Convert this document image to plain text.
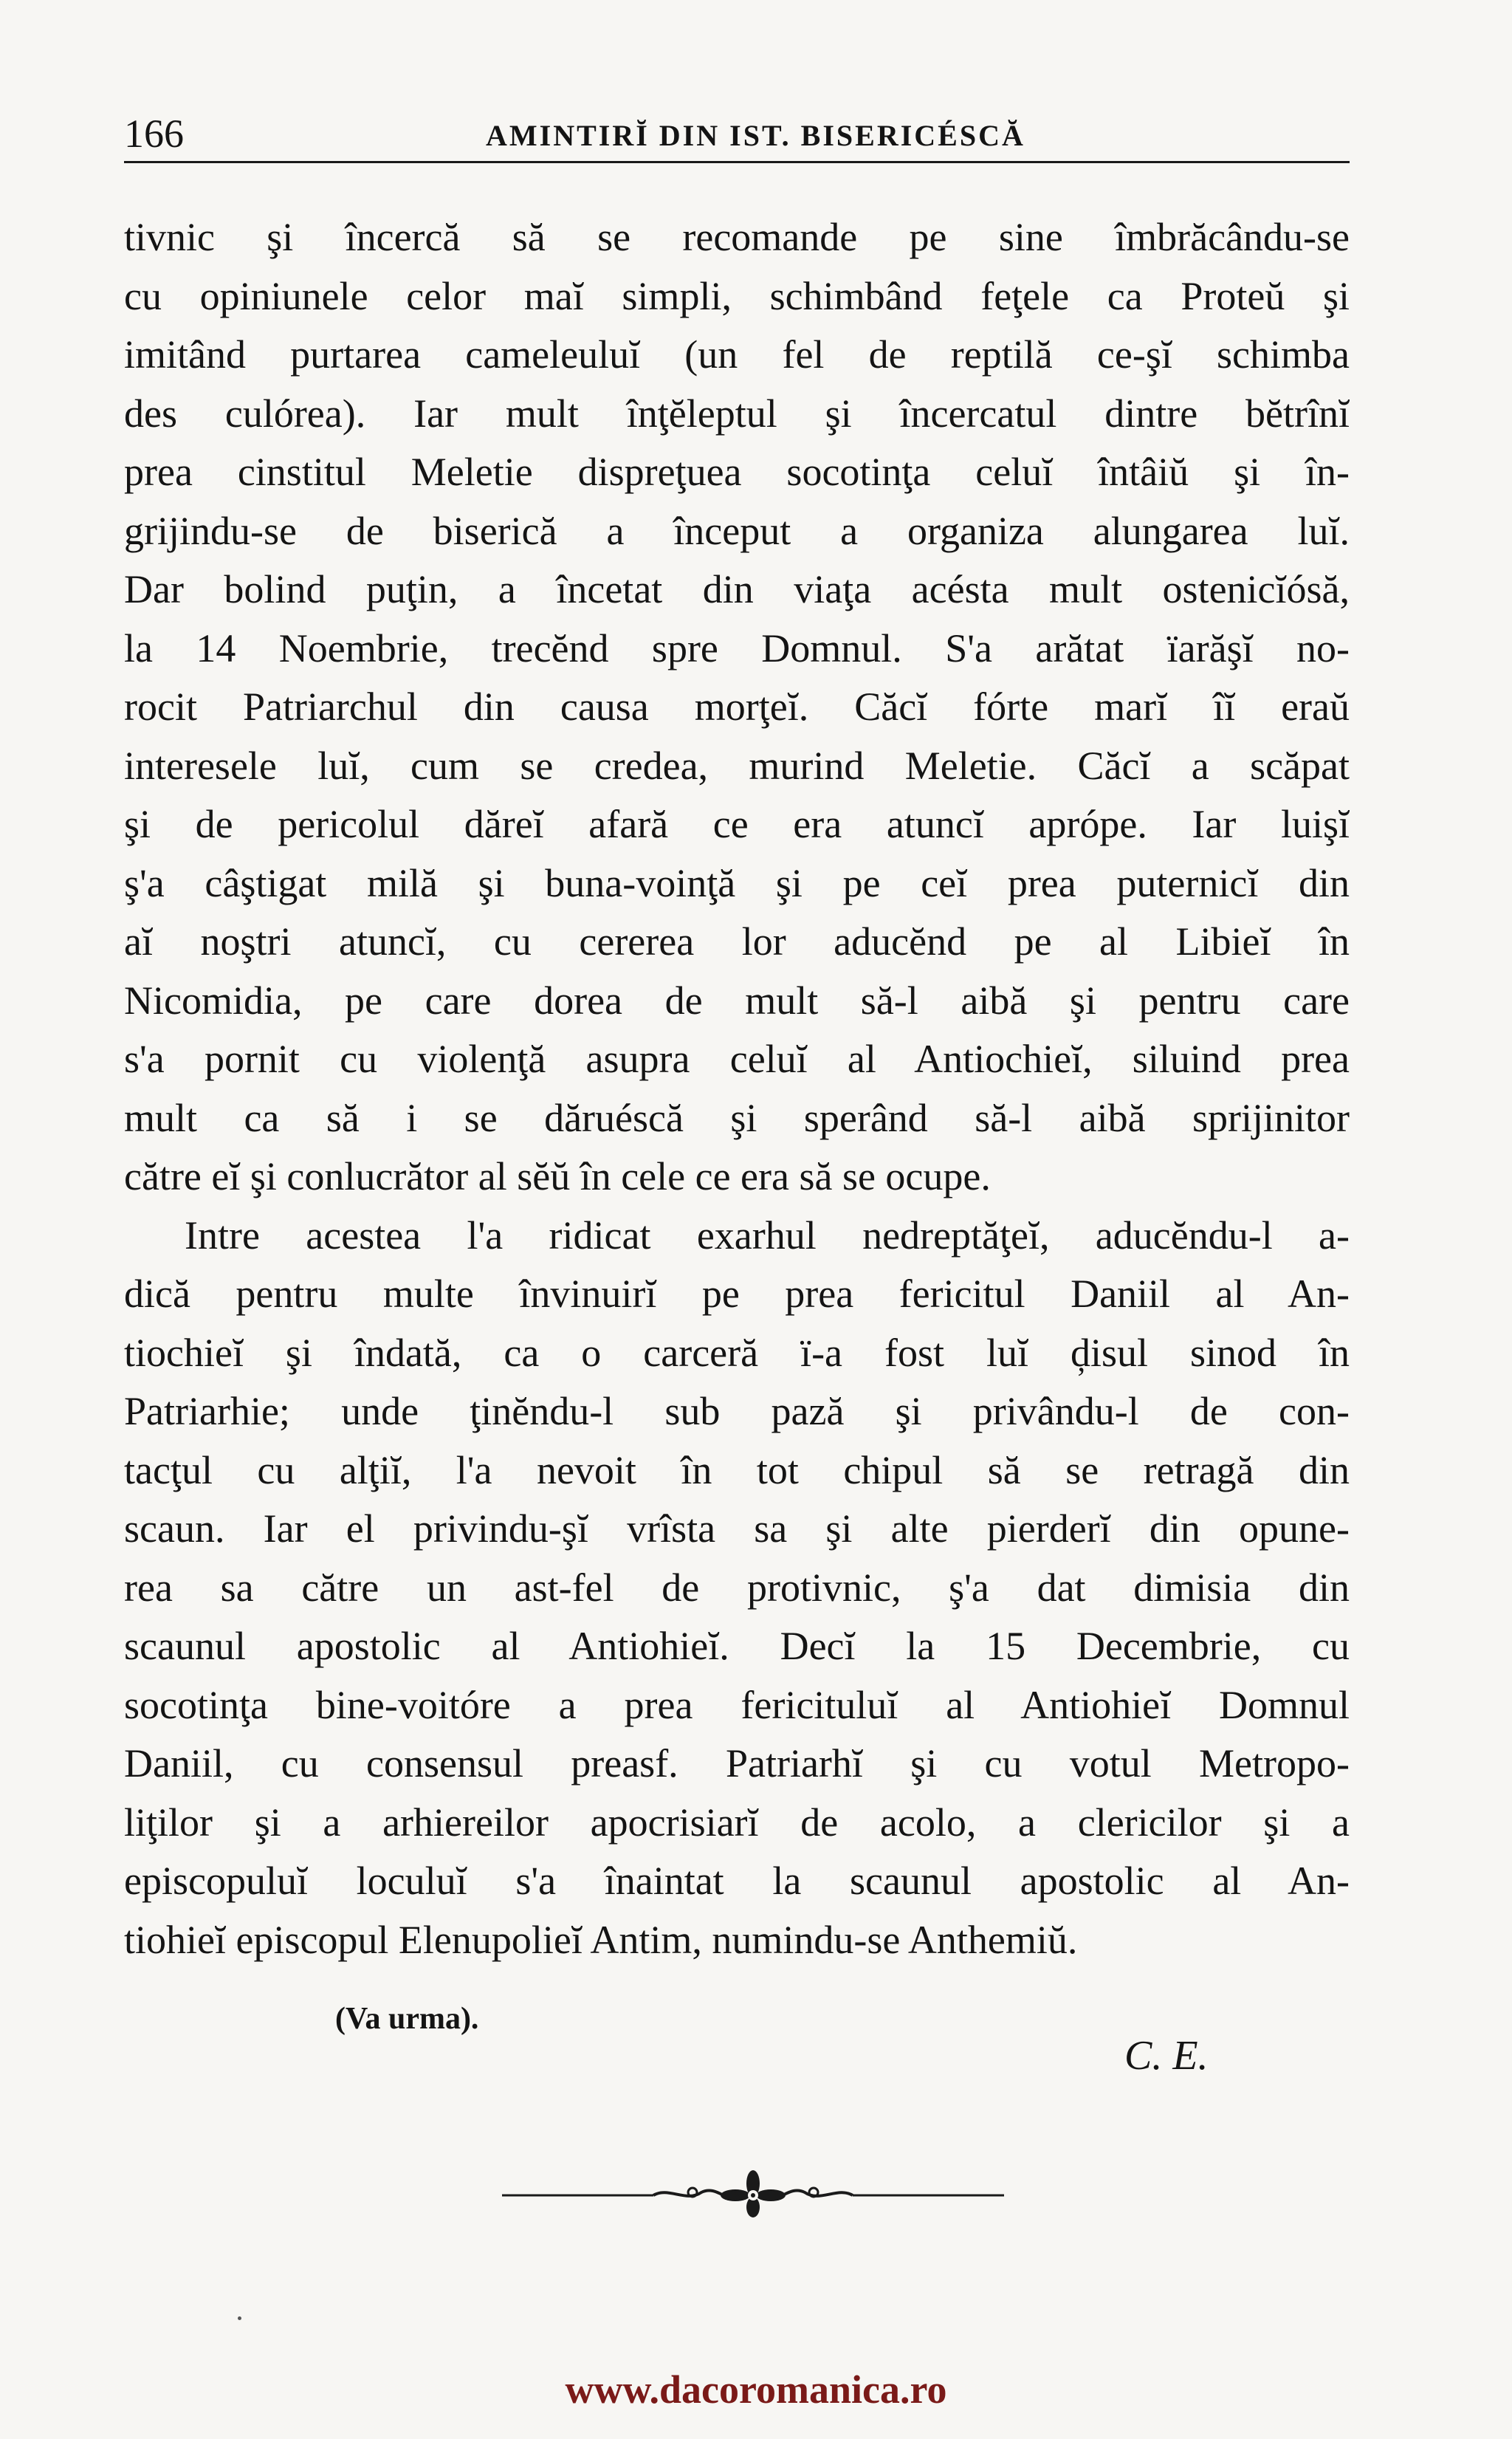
166	AMINTIRĬ DIN IST. BISERICÉSCĂ
tivnic şi încercă să se recomande pe sine îmbrăcându-se
cu opiniunele celor maĭ simpli, schimbând feţele ca Proteŭ şi
imitând purtarea cameleuluĭ (un fel de reptilă ce-şĭ schimba
des culórea). Iar mult înţĕleptul şi încercatul dintre bĕtrînĭ
prea cinstitul Meletie dispreţuea socotinţa celuĭ întâiŭ şi în-
grijindu-se de biserică a început a organiza alungarea luĭ.
Dar bolind puţin, a încetat din viaţa acésta mult ostenicĭósă,
la 14 Noembrie, trecĕnd spre Domnul. S'a arătat ïarăşĭ no-
rocit Patriarchul din causa morţeĭ. Căcĭ fórte marĭ îĭ eraŭ
interesele luĭ, cum se credea, murind Meletie. Căcĭ a scăpat
şi de pericolul dăreĭ afară ce era atuncĭ aprópe. Iar luişĭ
ş'a câştigat milă şi buna-voinţă şi pe ceĭ prea puternicĭ din
aĭ noştri atuncĭ, cu cererea lor aducĕnd pe al Libieĭ în
Nicomidia, pe care dorea de mult să-l aibă şi pentru care
s'a pornit cu violenţă asupra celuĭ al Antiochieĭ, siluind prea
mult ca să i se dăruéscă şi sperând să-l aibă sprijinitor
către eĭ şi conlucrător al sĕŭ în cele ce era să se ocupe.
Intre acestea l'a ridicat exarhul nedreptăţeĭ, aducĕndu-l a-
dică pentru multe învinuirĭ pe prea fericitul Daniil al An-
tiochieĭ şi îndată, ca o carceră ï-a fost luĭ ḑisul sinod în
Patriarhie; unde ţinĕndu-l sub pază şi privându-l de con-
tacţul cu alţiĭ, l'a nevoit în tot chipul să se retragă din
scaun. Iar el privindu-şĭ vrîsta sa şi alte pierderĭ din opune-
rea sa către un ast-fel de protivnic, ş'a dat dimisia din
scaunul apostolic al Antiohieĭ. Decĭ la 15 Decembrie, cu
socotinţa bine-voitóre a prea fericituluĭ al Antiohieĭ Domnul
Daniil, cu consensul preasf. Patriarhĭ şi cu votul Metropo-
liţilor şi a arhiereilor apocrisiarĭ de acolo, a clericilor şi a
episcopuluĭ loculuĭ s'a înaintat la scaunul apostolic al An-
tiohieĭ episcopul Elenupolieĭ Antim, numindu-se Anthemiŭ.
(Va urma).
C. E.
www.dacoromanica.ro
